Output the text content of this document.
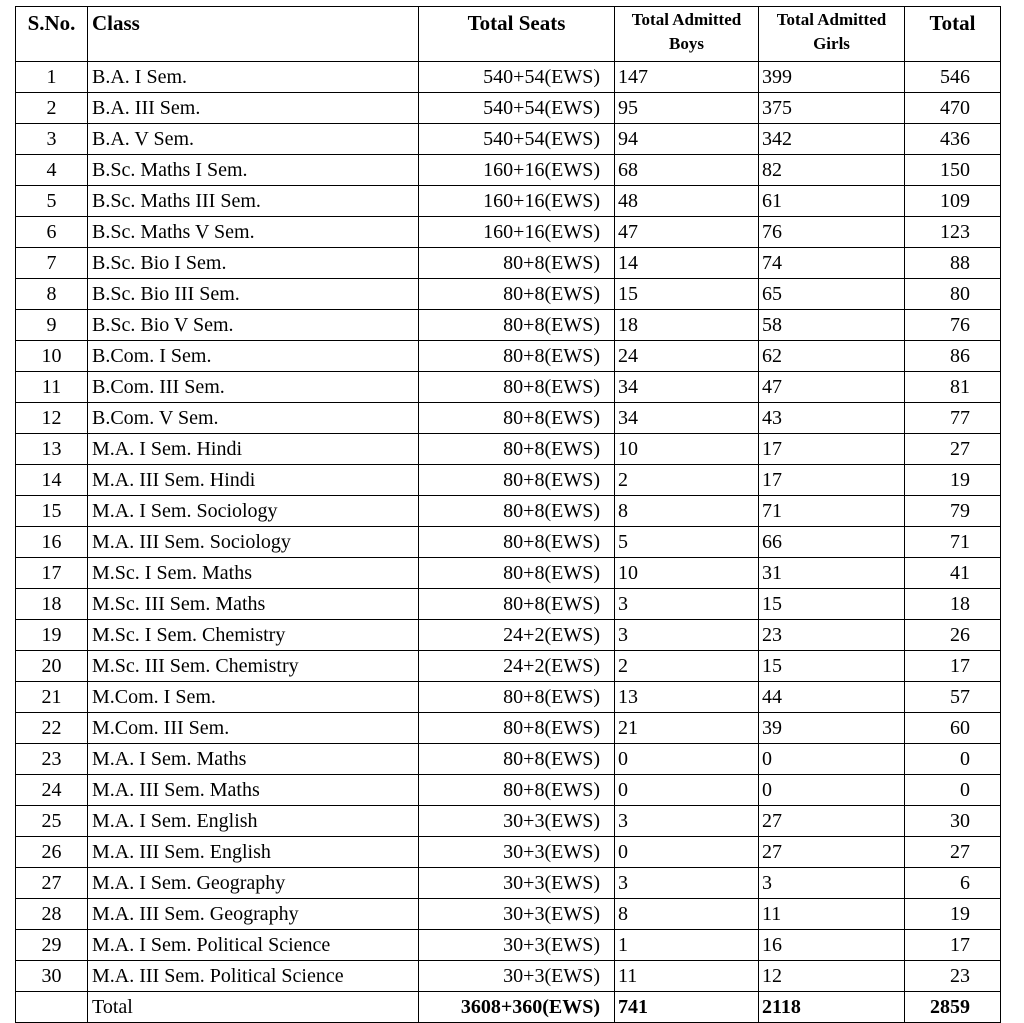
S.No.	Class	Total Seats	Total Admitted Boys	Total Admitted Girls	Total
1	B.A. I Sem.	540+54(EWS)	147	399	546
2	B.A. III Sem.	540+54(EWS)	95	375	470
3	B.A. V Sem.	540+54(EWS)	94	342	436
4	B.Sc. Maths I Sem.	160+16(EWS)	68	82	150
5	B.Sc. Maths III Sem.	160+16(EWS)	48	61	109
6	B.Sc. Maths V Sem.	160+16(EWS)	47	76	123
7	B.Sc. Bio I Sem.	80+8(EWS)	14	74	88
8	B.Sc. Bio III Sem.	80+8(EWS)	15	65	80
9	B.Sc. Bio V Sem.	80+8(EWS)	18	58	76
10	B.Com. I Sem.	80+8(EWS)	24	62	86
11	B.Com. III Sem.	80+8(EWS)	34	47	81
12	B.Com. V Sem.	80+8(EWS)	34	43	77
13	M.A. I Sem. Hindi	80+8(EWS)	10	17	27
14	M.A. III Sem. Hindi	80+8(EWS)	2	17	19
15	M.A. I Sem. Sociology	80+8(EWS)	8	71	79
16	M.A. III Sem. Sociology	80+8(EWS)	5	66	71
17	M.Sc. I Sem. Maths	80+8(EWS)	10	31	41
18	M.Sc. III Sem. Maths	80+8(EWS)	3	15	18
19	M.Sc. I Sem. Chemistry	24+2(EWS)	3	23	26
20	M.Sc. III Sem. Chemistry	24+2(EWS)	2	15	17
21	M.Com. I Sem.	80+8(EWS)	13	44	57
22	M.Com. III Sem.	80+8(EWS)	21	39	60
23	M.A. I Sem. Maths	80+8(EWS)	0	0	0
24	M.A. III Sem. Maths	80+8(EWS)	0	0	0
25	M.A. I Sem. English	30+3(EWS)	3	27	30
26	M.A. III Sem. English	30+3(EWS)	0	27	27
27	M.A. I Sem. Geography	30+3(EWS)	3	3	6
28	M.A. III Sem. Geography	30+3(EWS)	8	11	19
29	M.A. I Sem. Political Science	30+3(EWS)	1	16	17
30	M.A. III Sem. Political Science	30+3(EWS)	11	12	23
	Total	3608+360(EWS)	741	2118	2859
